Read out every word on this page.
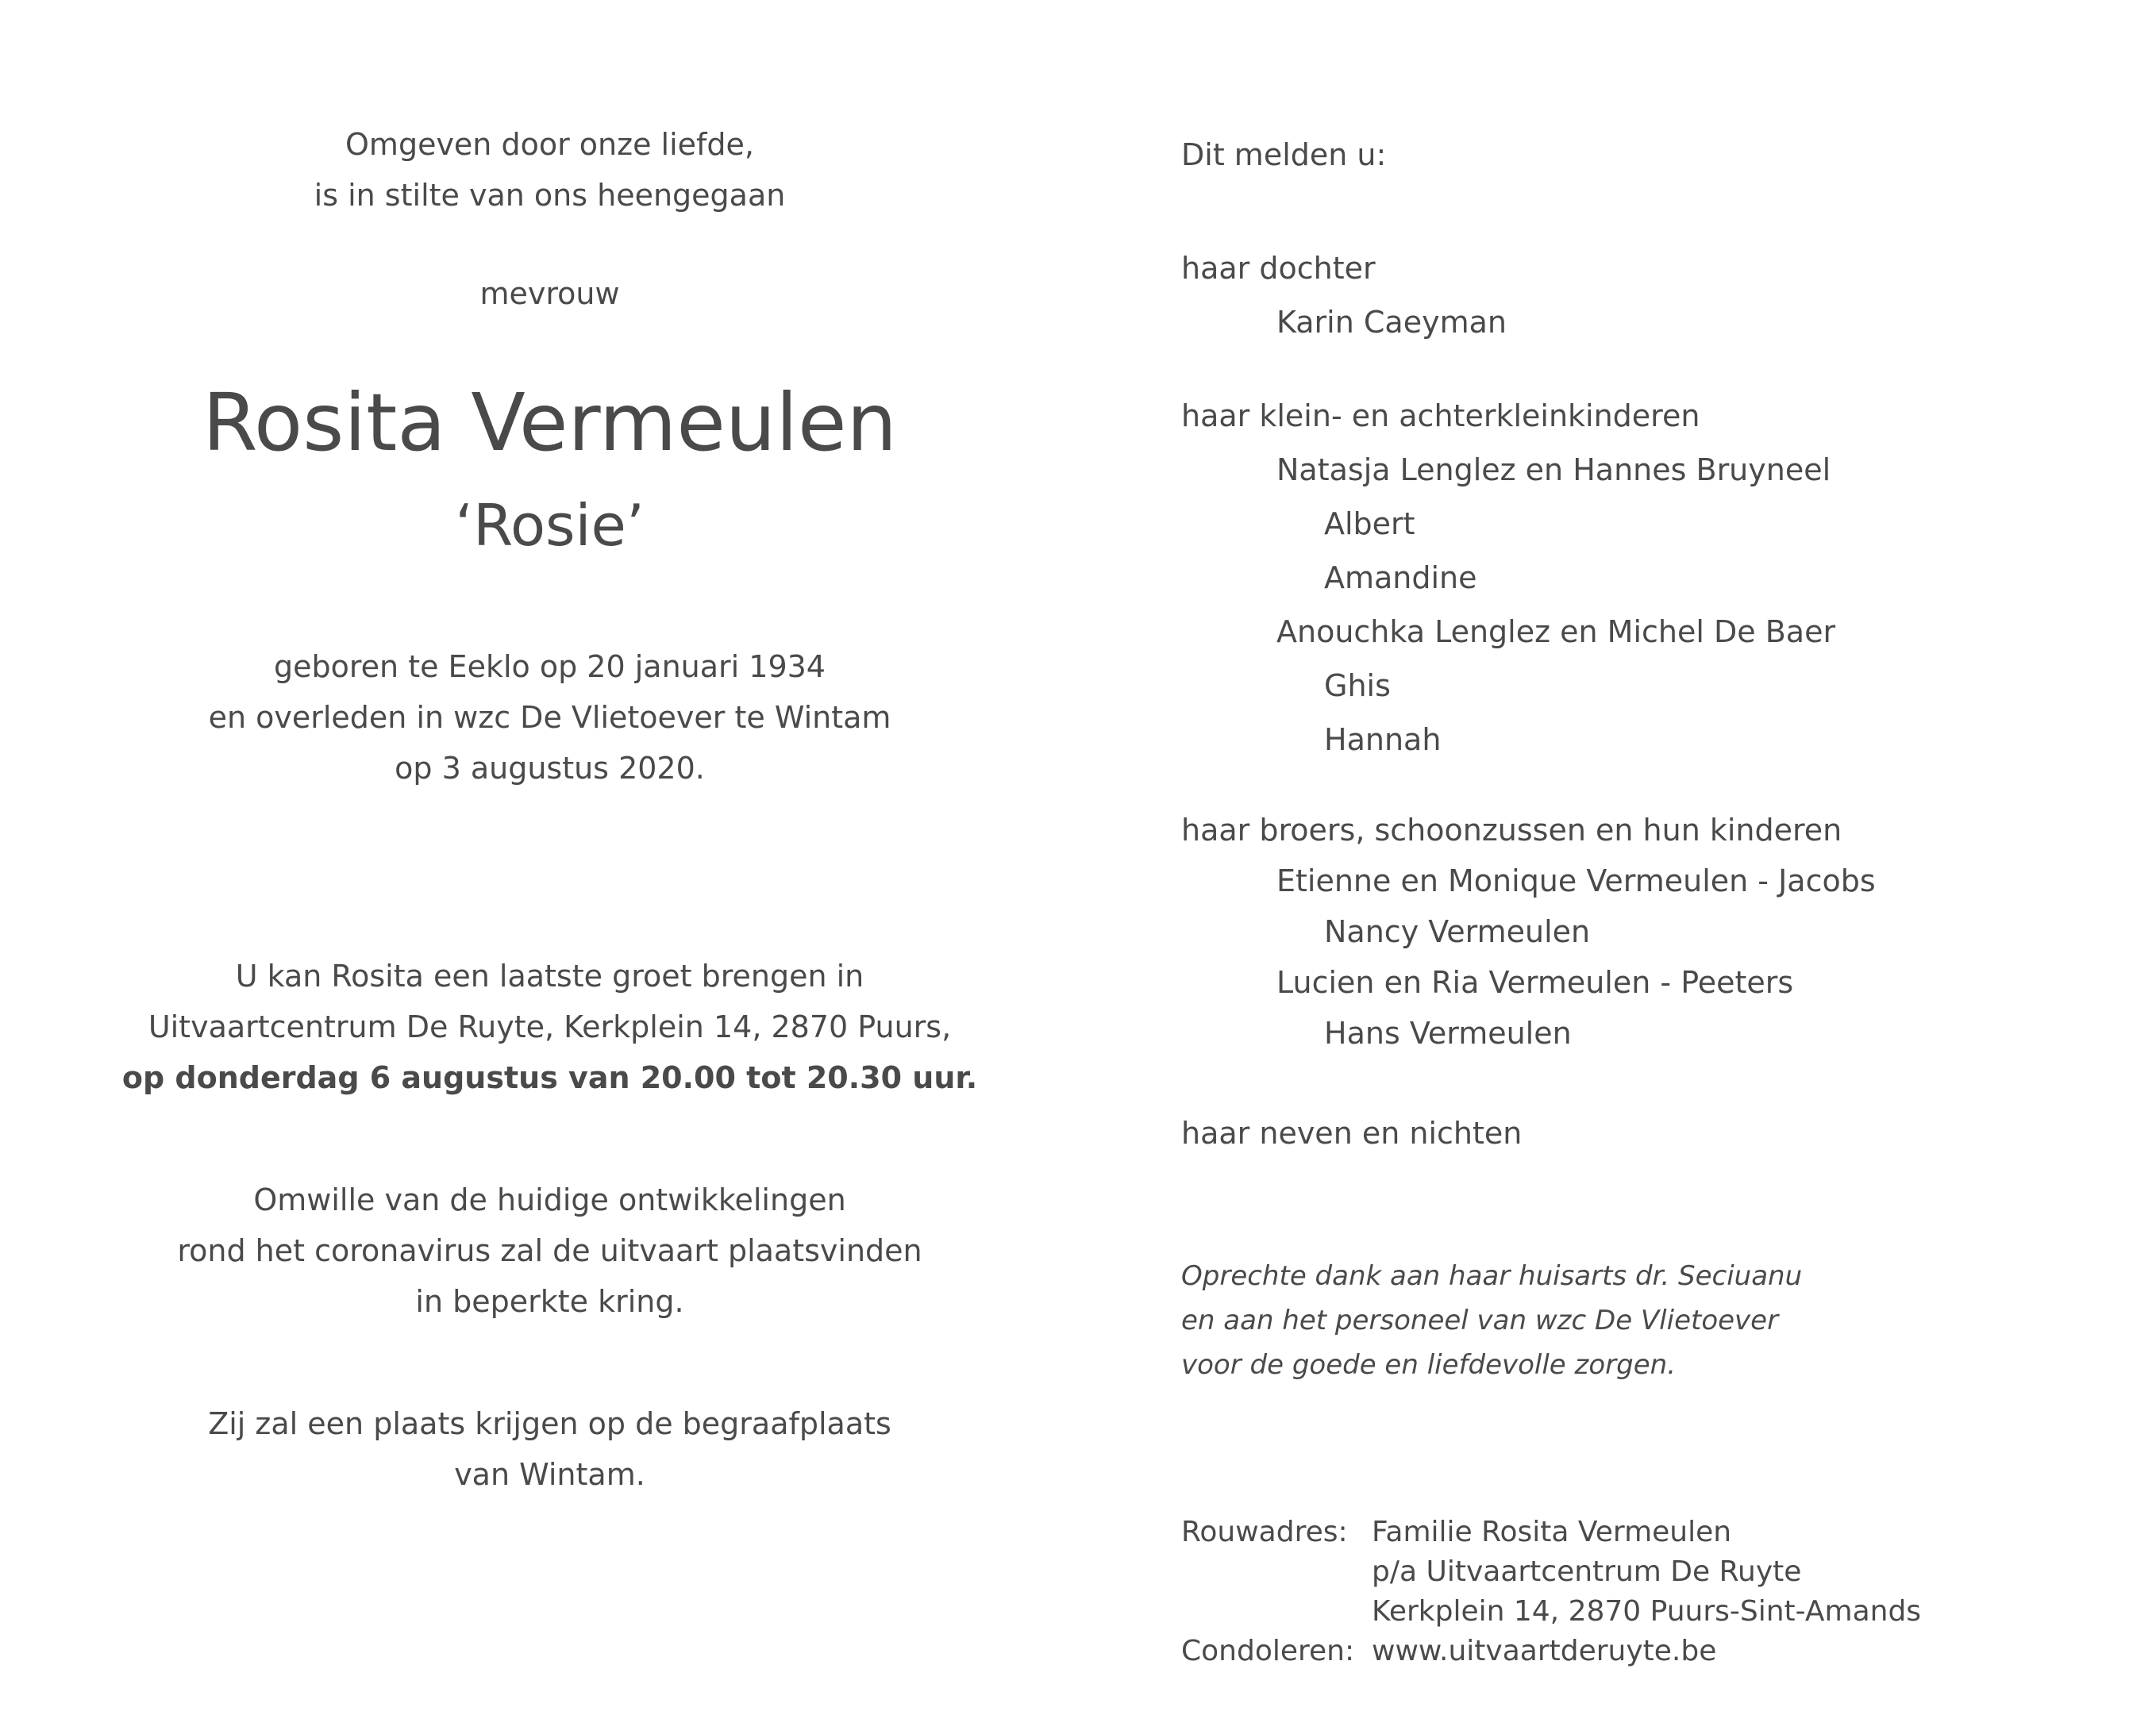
Omgeven door onze liefde,
is in stilte van ons heengegaan
mevrouw
Rosita Vermeulen
‘Rosie’
geboren te Eeklo op 20 januari 1934
en overleden in wzc De Vlietoever te Wintam
op 3 augustus 2020.
U kan Rosita een laatste groet brengen in
Uitvaartcentrum De Ruyte, Kerkplein 14, 2870 Puurs,
op donderdag 6 augustus van 20.00 tot 20.30 uur.
Omwille van de huidige ontwikkelingen
rond het coronavirus zal de uitvaart plaatsvinden
in beperkte kring.
Zij zal een plaats krijgen op de begraafplaats
van Wintam.
Dit melden u:
haar dochter
Karin Caeyman
haar klein- en achterkleinkinderen
Natasja Lenglez en Hannes Bruyneel
Albert
Amandine
Anouchka Lenglez en Michel De Baer
Ghis
Hannah
haar broers, schoonzussen en hun kinderen
Etienne en Monique Vermeulen - Jacobs
Nancy Vermeulen
Lucien en Ria Vermeulen - Peeters
Hans Vermeulen
haar neven en nichten
Oprechte dank aan haar huisarts dr. Seciuanu
en aan het personeel van wzc De Vlietoever
voor de goede en liefdevolle zorgen.
Rouwadres: Familie Rosita Vermeulen
p/a Uitvaartcentrum De Ruyte
Kerkplein 14, 2870 Puurs-Sint-Amands
Condoleren: www.uitvaartderuyte.be
